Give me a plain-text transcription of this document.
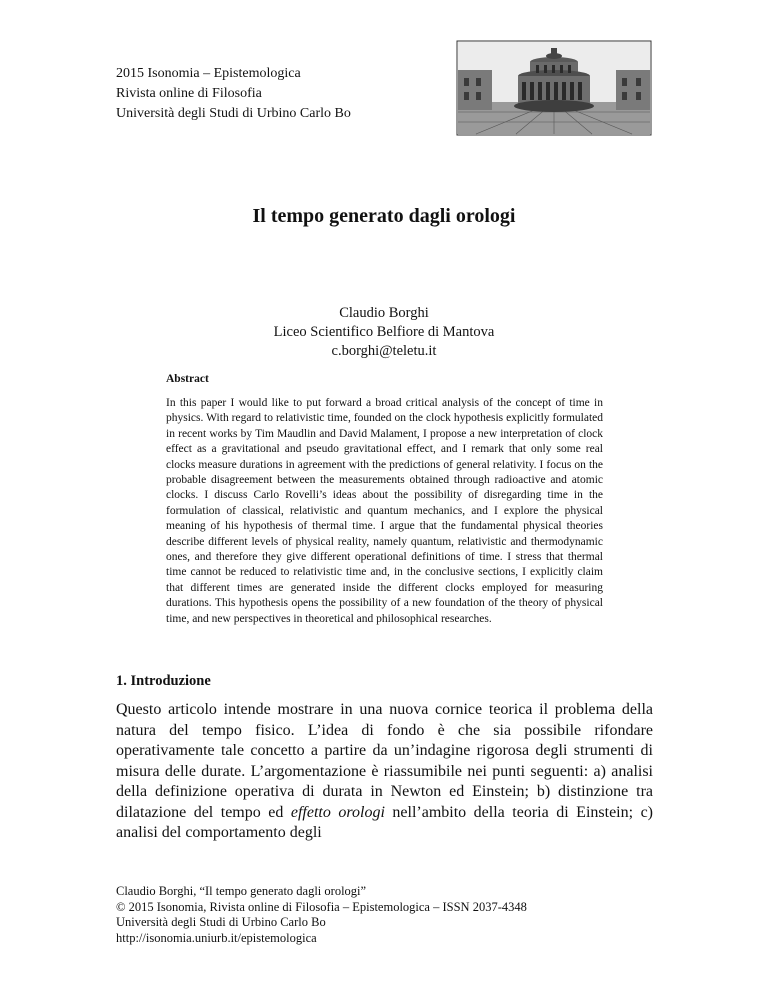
2015 Isonomia – Epistemologica
Rivista online di Filosofia
Università degli Studi di Urbino Carlo Bo
Il tempo generato dagli orologi
Claudio Borghi
Liceo Scientifico Belfiore di Mantova
c.borghi@teletu.it
Abstract
In this paper I would like to put forward a broad critical analysis of the concept of time in physics. With regard to relativistic time, founded on the clock hypothesis explicitly formulated in recent works by Tim Maudlin and David Malament, I propose a new interpretation of clock effect as a gravitational and pseudo gravitational effect, and I remark that only some real clocks measure durations in agreement with the predictions of general relativity. I focus on the probable disagreement between the measurements obtained through radioactive and atomic clocks. I discuss Carlo Rovelli’s ideas about the possibility of disregarding time in the formulation of classical, relativistic and quantum mechanics, and I explore the physical meaning of his hypothesis of thermal time. I argue that the fundamental physical theories describe different levels of physical reality, namely quantum, relativistic and thermodynamic ones, and therefore they give different operational definitions of time. I stress that thermal time cannot be reduced to relativistic time and, in the conclusive sections, I explicitly claim that different times are generated inside the different clocks employed for measuring durations. This hypothesis opens the possibility of a new foundation of the theory of physical time, and new perspectives in theoretical and philosophical researches.
1. Introduzione
Questo articolo intende mostrare in una nuova cornice teorica il problema della natura del tempo fisico. L’idea di fondo è che sia possibile rifondare operativamente tale concetto a partire da un’indagine rigorosa degli strumenti di misura delle durate. L’argomentazione è riassumibile nei punti seguenti: a) analisi della definizione operativa di durata in Newton ed Einstein; b) distinzione tra dilatazione del tempo ed effetto orologi nell’ambito della teoria di Einstein; c) analisi del comportamento degli
Claudio Borghi, “Il tempo generato dagli orologi”
© 2015 Isonomia, Rivista online di Filosofia – Epistemologica – ISSN 2037-4348
Università degli Studi di Urbino Carlo Bo
http://isonomia.uniurb.it/epistemologica
